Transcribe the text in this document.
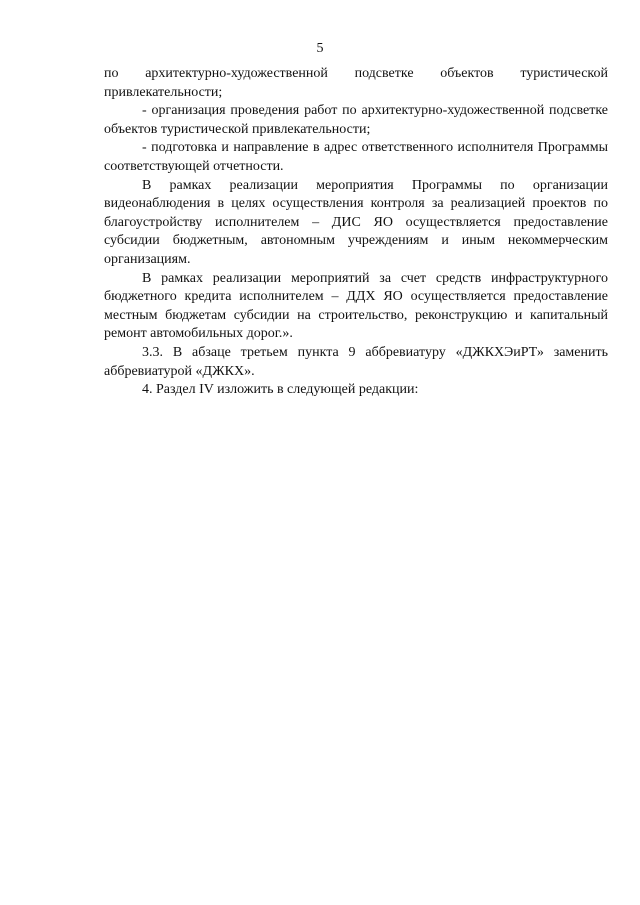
5

по архитектурно-художественной подсветке объектов туристической привлекательности;

- организация проведения работ по архитектурно-художественной подсветке объектов туристической привлекательности;

- подготовка и направление в адрес ответственного исполнителя Программы соответствующей отчетности.

В рамках реализации мероприятия Программы по организации видеонаблюдения в целях осуществления контроля за реализацией проектов по благоустройству исполнителем – ДИС ЯО осуществляется предоставление субсидии бюджетным, автономным учреждениям и иным некоммерческим организациям.

В рамках реализации мероприятий за счет средств инфраструктурного бюджетного кредита исполнителем – ДДХ ЯО осуществляется предоставление местным бюджетам субсидии на строительство, реконструкцию и капитальный ремонт автомобильных дорог.».

3.3. В абзаце третьем пункта 9 аббревиатуру «ДЖКХЭиРТ» заменить аббревиатурой «ДЖКХ».

4. Раздел IV изложить в следующей редакции:
